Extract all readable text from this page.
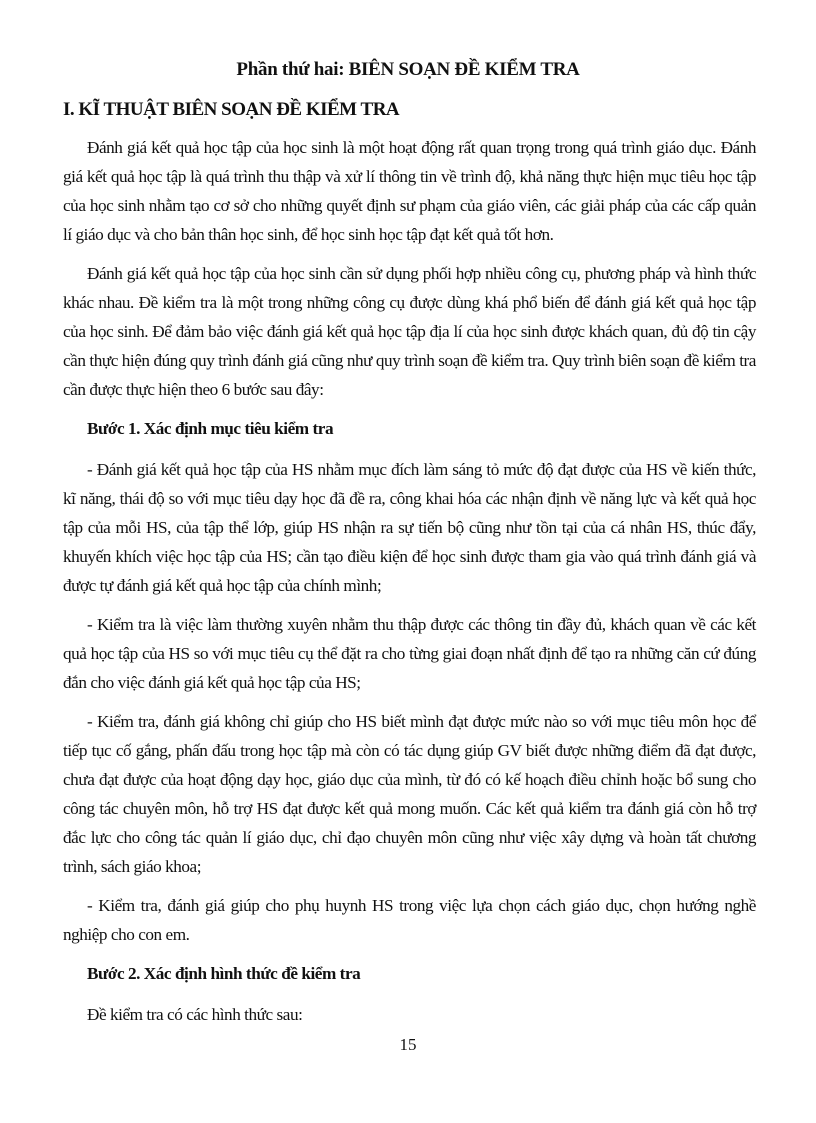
Phần thứ hai: BIÊN SOẠN ĐỀ KIỂM TRA
I. KĨ THUẬT BIÊN SOẠN ĐỀ KIỂM TRA

Đánh giá kết quả học tập của học sinh là một hoạt động rất quan trọng trong quá trình giáo dục. Đánh giá kết quả học tập là quá trình thu thập và xử lí thông tin về trình độ, khả năng thực hiện mục tiêu học tập của học sinh nhằm tạo cơ sở cho những quyết định sư phạm của giáo viên, các giải pháp của các cấp quản lí giáo dục và cho bản thân học sinh, để học sinh học tập đạt kết quả tốt hơn.

Đánh giá kết quả học tập của học sinh cần sử dụng phối hợp nhiều công cụ, phương pháp và hình thức khác nhau. Đề kiểm tra là một trong những công cụ được dùng khá phổ biến để đánh giá kết quả học tập của học sinh. Để đảm bảo việc đánh giá kết quả học tập địa lí của học sinh được khách quan, đủ độ tin cậy cần thực hiện đúng quy trình đánh giá cũng như quy trình soạn đề kiểm tra. Quy trình biên soạn đề kiểm tra cần được thực hiện theo 6 bước sau đây:

Bước 1. Xác định mục tiêu kiểm tra

- Đánh giá kết quả học tập của HS nhằm mục đích làm sáng tỏ mức độ đạt được của HS về kiến thức, kĩ năng, thái độ so với mục tiêu dạy học đã đề ra, công khai hóa các nhận định về năng lực và kết quả học tập của mỗi HS, của tập thể lớp, giúp HS nhận ra sự tiến bộ cũng như tồn tại của cá nhân HS, thúc đẩy, khuyến khích việc học tập của HS; cần tạo điều kiện để học sinh được tham gia vào quá trình đánh giá và được tự đánh giá kết quả học tập của chính mình;

- Kiểm tra là việc làm thường xuyên nhằm thu thập được các thông tin đầy đủ, khách quan về các kết quả học tập của HS so với mục tiêu cụ thể đặt ra cho từng giai đoạn nhất định để tạo ra những căn cứ đúng đắn cho việc đánh giá kết quả học tập của HS;

- Kiểm tra, đánh giá không chỉ giúp cho HS biết mình đạt được mức nào so với mục tiêu môn học để tiếp tục cố gắng, phấn đấu trong học tập mà còn có tác dụng giúp GV biết được những điểm đã đạt được, chưa đạt được của hoạt động dạy học, giáo dục của mình, từ đó có kế hoạch điều chỉnh hoặc bổ sung cho công tác chuyên môn, hỗ trợ HS đạt được kết quả mong muốn. Các kết quả kiểm tra đánh giá còn hỗ trợ đắc lực cho công tác quản lí giáo dục, chỉ đạo chuyên môn cũng như việc xây dựng và hoàn tất chương trình, sách giáo khoa;

- Kiểm tra, đánh giá giúp cho phụ huynh HS trong việc lựa chọn cách giáo dục, chọn hướng nghề nghiệp cho con em.

Bước 2. Xác định hình thức đề kiểm tra

Đề kiểm tra có các hình thức sau:

15
